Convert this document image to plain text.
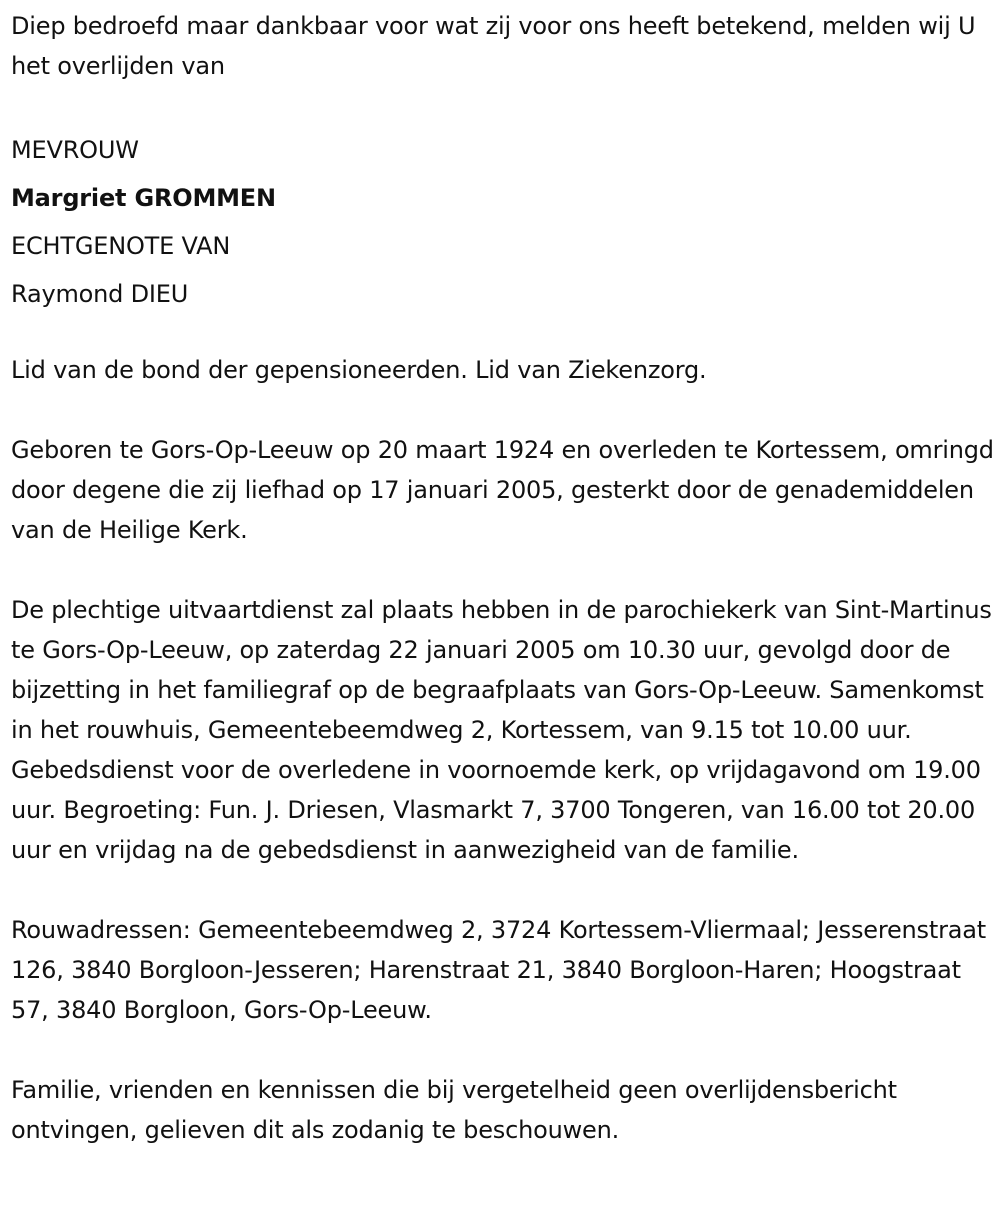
Diep bedroefd maar dankbaar voor wat zij voor ons heeft betekend, melden wij U het overlijden van

MEVROUW

Margriet GROMMEN

ECHTGENOTE VAN

Raymond DIEU

Lid van de bond der gepensioneerden. Lid van Ziekenzorg.

Geboren te Gors-Op-Leeuw op 20 maart 1924 en overleden te Kortessem, omringd door degene die zij liefhad op 17 januari 2005, gesterkt door de genademiddelen van de Heilige Kerk.

De plechtige uitvaartdienst zal plaats hebben in de parochiekerk van Sint-Martinus te Gors-Op-Leeuw, op zaterdag 22 januari 2005 om 10.30 uur, gevolgd door de bijzetting in het familiegraf op de begraafplaats van Gors-Op-Leeuw. Samenkomst in het rouwhuis, Gemeentebeemdweg 2, Kortessem, van 9.15 tot 10.00 uur. Gebedsdienst voor de overledene in voornoemde kerk, op vrijdagavond om 19.00 uur. Begroeting: Fun. J. Driesen, Vlasmarkt 7, 3700 Tongeren, van 16.00 tot 20.00 uur en vrijdag na de gebedsdienst in aanwezigheid van de familie.

Rouwadressen: Gemeentebeemdweg 2, 3724 Kortessem-Vliermaal; Jesserenstraat 126, 3840 Borgloon-Jesseren; Harenstraat 21, 3840 Borgloon-Haren; Hoogstraat 57, 3840 Borgloon, Gors-Op-Leeuw.

Familie, vrienden en kennissen die bij vergetelheid geen overlijdensbericht ontvingen, gelieven dit als zodanig te beschouwen.
